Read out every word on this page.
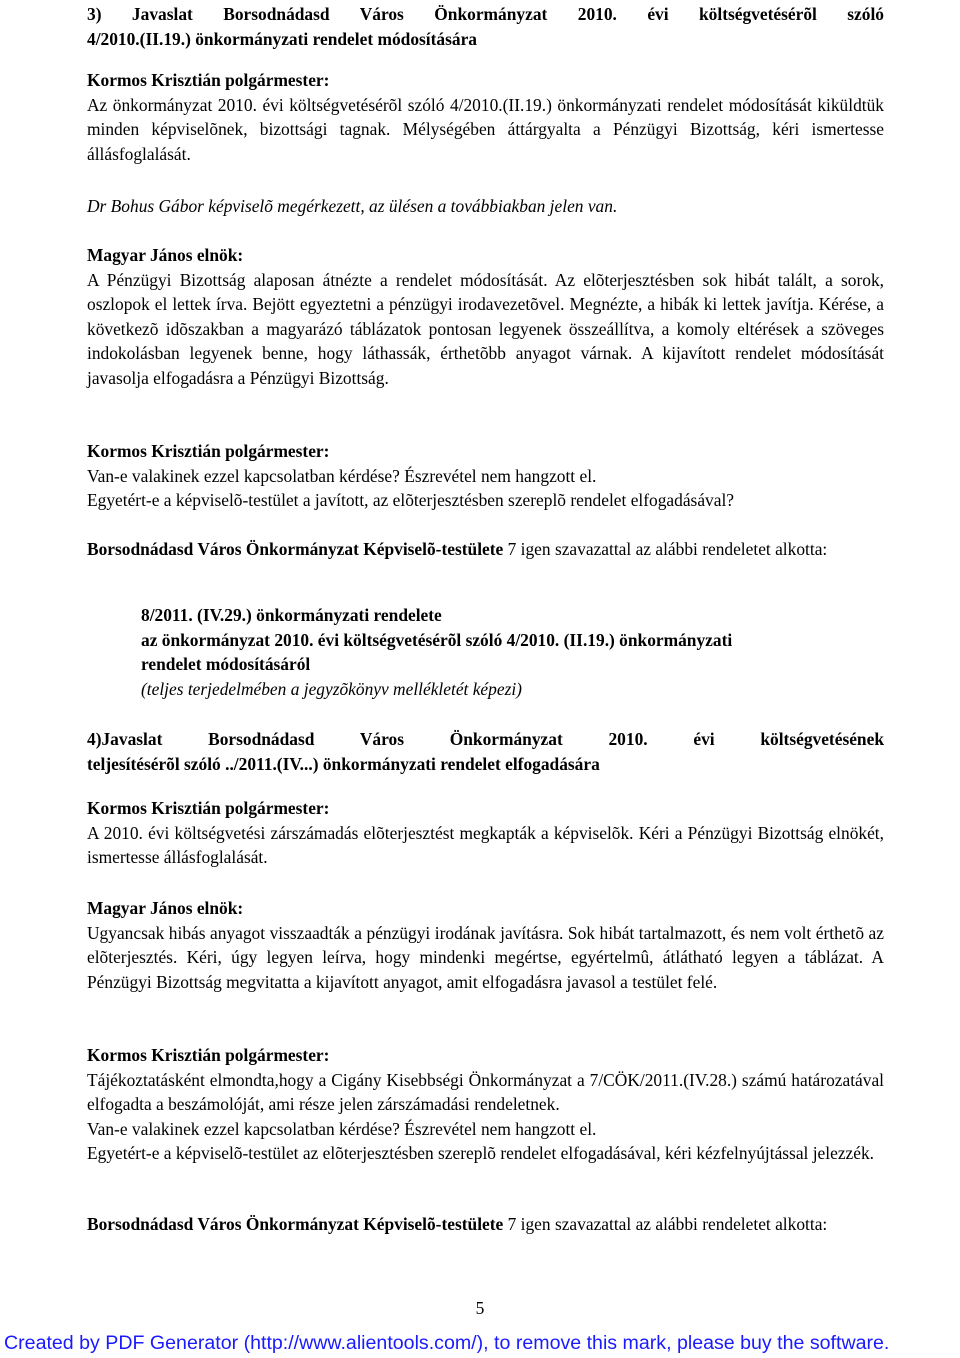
3) Javaslat Borsodnádasd Város Önkormányzat 2010. évi költségvetésérõl szóló

4/2010.(II.19.) önkormányzati rendelet módosítására

Kormos Krisztián polgármester:

Az önkormányzat 2010. évi költségvetésérõl szóló 4/2010.(II.19.) önkormányzati rendelet módosítását kiküldtük minden képviselõnek, bizottsági tagnak. Mélységében áttárgyalta a Pénzügyi Bizottság, kéri ismertesse állásfoglalását.

Dr Bohus Gábor képviselõ megérkezett, az ülésen a továbbiakban jelen van.

Magyar János elnök:

A Pénzügyi Bizottság alaposan átnézte a rendelet módosítását. Az elõterjesztésben sok hibát talált, a sorok, oszlopok el lettek írva. Bejött egyeztetni a pénzügyi irodavezetõvel. Megnézte, a hibák ki lettek javítja. Kérése, a következõ idõszakban a magyarázó táblázatok pontosan legyenek összeállítva, a komoly eltérések a szöveges indokolásban legyenek benne, hogy láthassák, érthetõbb anyagot várnak. A kijavított rendelet módosítását javasolja elfogadásra a Pénzügyi Bizottság.

Kormos Krisztián polgármester:

Van-e valakinek ezzel kapcsolatban kérdése? Észrevétel nem hangzott el.

Egyetért-e a képviselõ-testület a javított, az elõterjesztésben szereplõ rendelet elfogadásával?

Borsodnádasd Város Önkormányzat Képviselõ-testülete 7 igen szavazattal az alábbi rendeletet alkotta:

8/2011. (IV.29.) önkormányzati rendelete

az önkormányzat 2010. évi költségvetésérõl szóló 4/2010. (II.19.) önkormányzati

rendelet módosításáról

(teljes terjedelmében a jegyzõkönyv mellékletét képezi)

4)Javaslat Borsodnádasd Város Önkormányzat 2010. évi költségvetésének

teljesítésérõl szóló ../2011.(IV...) önkormányzati rendelet elfogadására

Kormos Krisztián polgármester:

A 2010. évi költségvetési zárszámadás elõterjesztést megkapták a képviselõk. Kéri a Pénzügyi Bizottság elnökét, ismertesse állásfoglalását.

Magyar János elnök:

Ugyancsak hibás anyagot visszaadták a pénzügyi irodának javításra. Sok hibát tartalmazott, és nem volt érthetõ az elõterjesztés. Kéri, úgy legyen leírva, hogy mindenki megértse, egyértelmû, átlátható legyen a táblázat. A Pénzügyi Bizottság megvitatta a kijavított anyagot, amit elfogadásra javasol a testület felé.

Kormos Krisztián polgármester:

Tájékoztatásként elmondta,hogy a Cigány Kisebbségi Önkormányzat a 7/CÖK/2011.(IV.28.) számú határozatával elfogadta a beszámolóját, ami része jelen zárszámadási rendeletnek.

Van-e valakinek ezzel kapcsolatban kérdése? Észrevétel nem hangzott el.

Egyetért-e a képviselõ-testület az elõterjesztésben szereplõ rendelet elfogadásával, kéri kézfelnyújtással jelezzék.

Borsodnádasd Város Önkormányzat Képviselõ-testülete 7 igen szavazattal az alábbi rendeletet alkotta:

5
Created by PDF Generator (http://www.alientools.com/), to remove this mark, please buy the software.
